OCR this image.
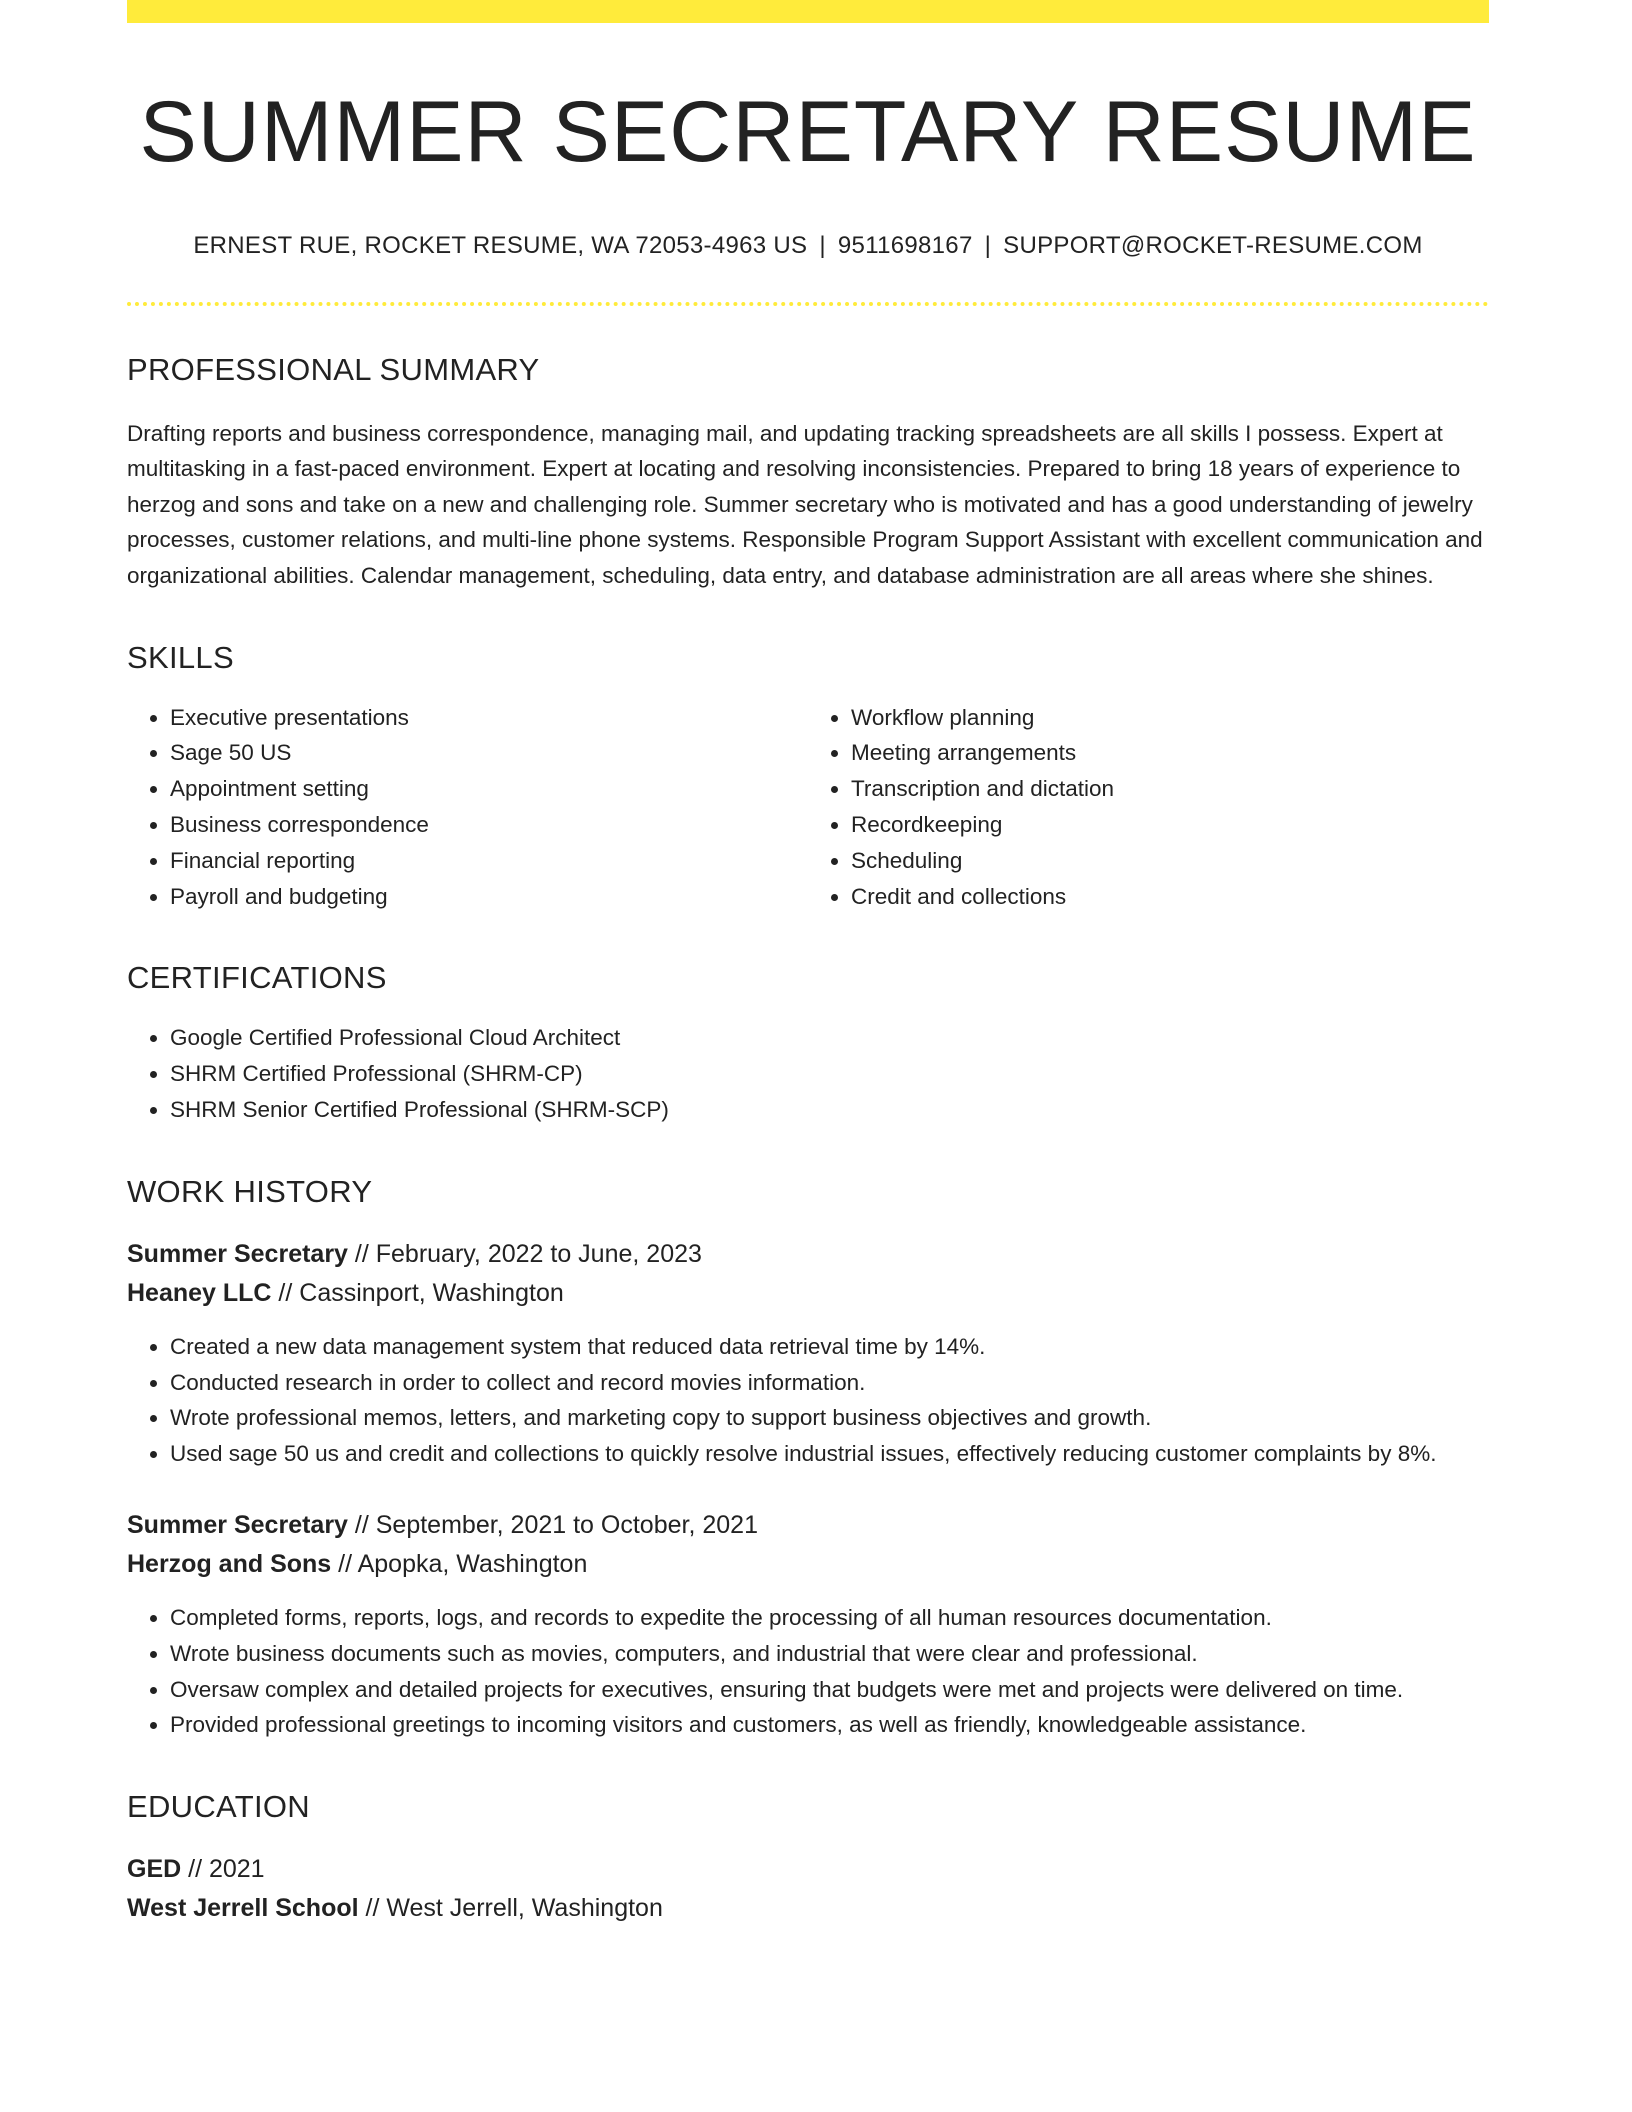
SUMMER SECRETARY RESUME
ERNEST RUE, ROCKET RESUME, WA 72053-4963 US | 9511698167 | SUPPORT@ROCKET-RESUME.COM
PROFESSIONAL SUMMARY
Drafting reports and business correspondence, managing mail, and updating tracking spreadsheets are all skills I possess. Expert at multitasking in a fast-paced environment. Expert at locating and resolving inconsistencies. Prepared to bring 18 years of experience to herzog and sons and take on a new and challenging role. Summer secretary who is motivated and has a good understanding of jewelry processes, customer relations, and multi-line phone systems. Responsible Program Support Assistant with excellent communication and organizational abilities. Calendar management, scheduling, data entry, and database administration are all areas where she shines.
SKILLS
• Executive presentations
• Sage 50 US
• Appointment setting
• Business correspondence
• Financial reporting
• Payroll and budgeting
• Workflow planning
• Meeting arrangements
• Transcription and dictation
• Recordkeeping
• Scheduling
• Credit and collections
CERTIFICATIONS
• Google Certified Professional Cloud Architect
• SHRM Certified Professional (SHRM-CP)
• SHRM Senior Certified Professional (SHRM-SCP)
WORK HISTORY
Summer Secretary // February, 2022 to June, 2023
Heaney LLC // Cassinport, Washington
• Created a new data management system that reduced data retrieval time by 14%.
• Conducted research in order to collect and record movies information.
• Wrote professional memos, letters, and marketing copy to support business objectives and growth.
• Used sage 50 us and credit and collections to quickly resolve industrial issues, effectively reducing customer complaints by 8%.
Summer Secretary // September, 2021 to October, 2021
Herzog and Sons // Apopka, Washington
• Completed forms, reports, logs, and records to expedite the processing of all human resources documentation.
• Wrote business documents such as movies, computers, and industrial that were clear and professional.
• Oversaw complex and detailed projects for executives, ensuring that budgets were met and projects were delivered on time.
• Provided professional greetings to incoming visitors and customers, as well as friendly, knowledgeable assistance.
EDUCATION
GED // 2021
West Jerrell School // West Jerrell, Washington
